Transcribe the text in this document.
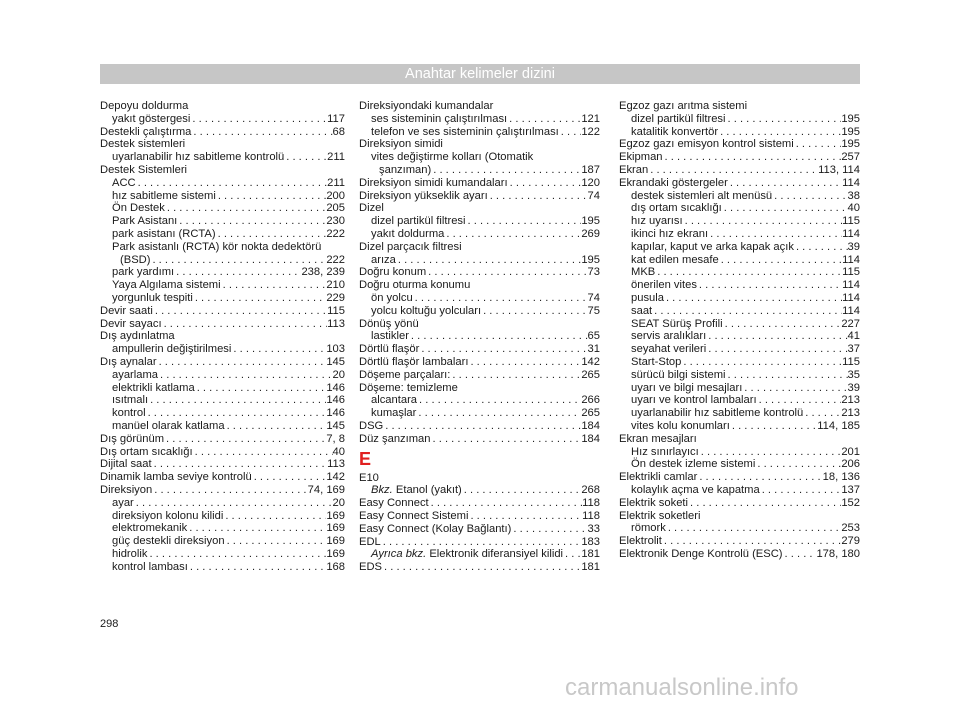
Anahtar kelimeler dizini
Depoyu doldurma
yakıt göstergesi . . .	117
Destekli çalıştırma . . .	68
Destek sistemleri
uyarlanabilir hız sabitleme kontrolü . . .	211
Destek Sistemleri
ACC . . .	211
hız sabitleme sistemi . . .	200
Ön Destek . . .	205
Park Asistanı . . .	230
park asistanı (RCTA) . . .	222
Park asistanlı (RCTA) kör nokta dedektörü
(BSD) . . .	222
park yardımı . . .	238, 239
Yaya Algılama sistemi . . .	210
yorgunluk tespiti . . .	229
Devir saati . . .	115
Devir sayacı . . .	113
Dış aydınlatma
ampullerin değiştirilmesi . . .	103
Dış aynalar . . .	145
ayarlama . . .	20
elektrikli katlama . . .	146
ısıtmalı . . .	146
kontrol . . .	146
manüel olarak katlama . . .	145
Dış görünüm . . .	7, 8
Dış ortam sıcaklığı . . .	40
Dijital saat . . .	113
Dinamik lamba seviye kontrolü . . .	142
Direksiyon . . .	74, 169
ayar . . .	20
direksiyon kolonu kilidi . . .	169
elektromekanik . . .	169
güç destekli direksiyon . . .	169
hidrolik . . .	169
kontrol lambası . . .	168
Direksiyondaki kumandalar
ses sisteminin çalıştırılması . . .	121
telefon ve ses sisteminin çalıştırılması . . . 122
Direksiyon simidi
vites değiştirme kolları (Otomatik
şanzıman) . . .	187
Direksiyon simidi kumandaları . . .	120
Direksiyon yükseklik ayarı . . .	74
Dizel
dizel partikül filtresi . . .	195
yakıt doldurma . . .	269
Dizel parçacık filtresi
arıza . . .	195
Doğru konum . . .	73
Doğru oturma konumu
ön yolcu . . .	74
yolcu koltuğu yolcuları . . .	75
Dönüş yönü
lastikler . . .	65
Dörtlü flaşör . . .	31
Dörtlü flaşör lambaları . . .	142
Döşeme parçaları: . . .	265
Döşeme: temizleme
alcantara . . .	266
kumaşlar . . .	265
DSG . . .	184
Düz şanzıman . . .	184
E
E10
Bkz. Etanol (yakıt) . . .	268
Easy Connect . . .	118
Easy Connect Sistemi . . .	118
Easy Connect (Kolay Bağlantı) . . .	33
EDL . . .	183
Ayrıca bkz. Elektronik diferansiyel kilidi . . . 181
EDS . . .	181
Egzoz gazı arıtma sistemi
dizel partikül filtresi . . .	195
katalitik konvertör . . .	195
Egzoz gazı emisyon kontrol sistemi . . .	195
Ekipman . . .	257
Ekran . . .	113, 114
Ekrandaki göstergeler . . .	114
destek sistemleri alt menüsü . . .	38
dış ortam sıcaklığı . . .	40
hız uyarısı . . .	115
ikinci hız ekranı . . .	114
kapılar, kaput ve arka kapak açık . . .	39
kat edilen mesafe . . .	114
MKB . . .	115
önerilen vites . . .	114
pusula . . .	114
saat . . .	114
SEAT Sürüş Profili . . .	227
servis aralıkları . . .	41
seyahat verileri . . .	37
Start-Stop . . .	115
sürücü bilgi sistemi . . .	35
uyarı ve bilgi mesajları . . .	39
uyarı ve kontrol lambaları . . .	213
uyarlanabilir hız sabitleme kontrolü . . .	213
vites kolu konumları . . .	114, 185
Ekran mesajları
Hız sınırlayıcı . . .	201
Ön destek izleme sistemi . . .	206
Elektrikli camlar . . .	18, 136
kolaylık açma ve kapatma . . .	137
Elektrik soketi . . .	152
Elektrik soketleri
römork . . .	253
Elektrolit . . .	279
Elektronik Denge Kontrolü (ESC) . . .	178, 180
298
carmanualsonline.info
